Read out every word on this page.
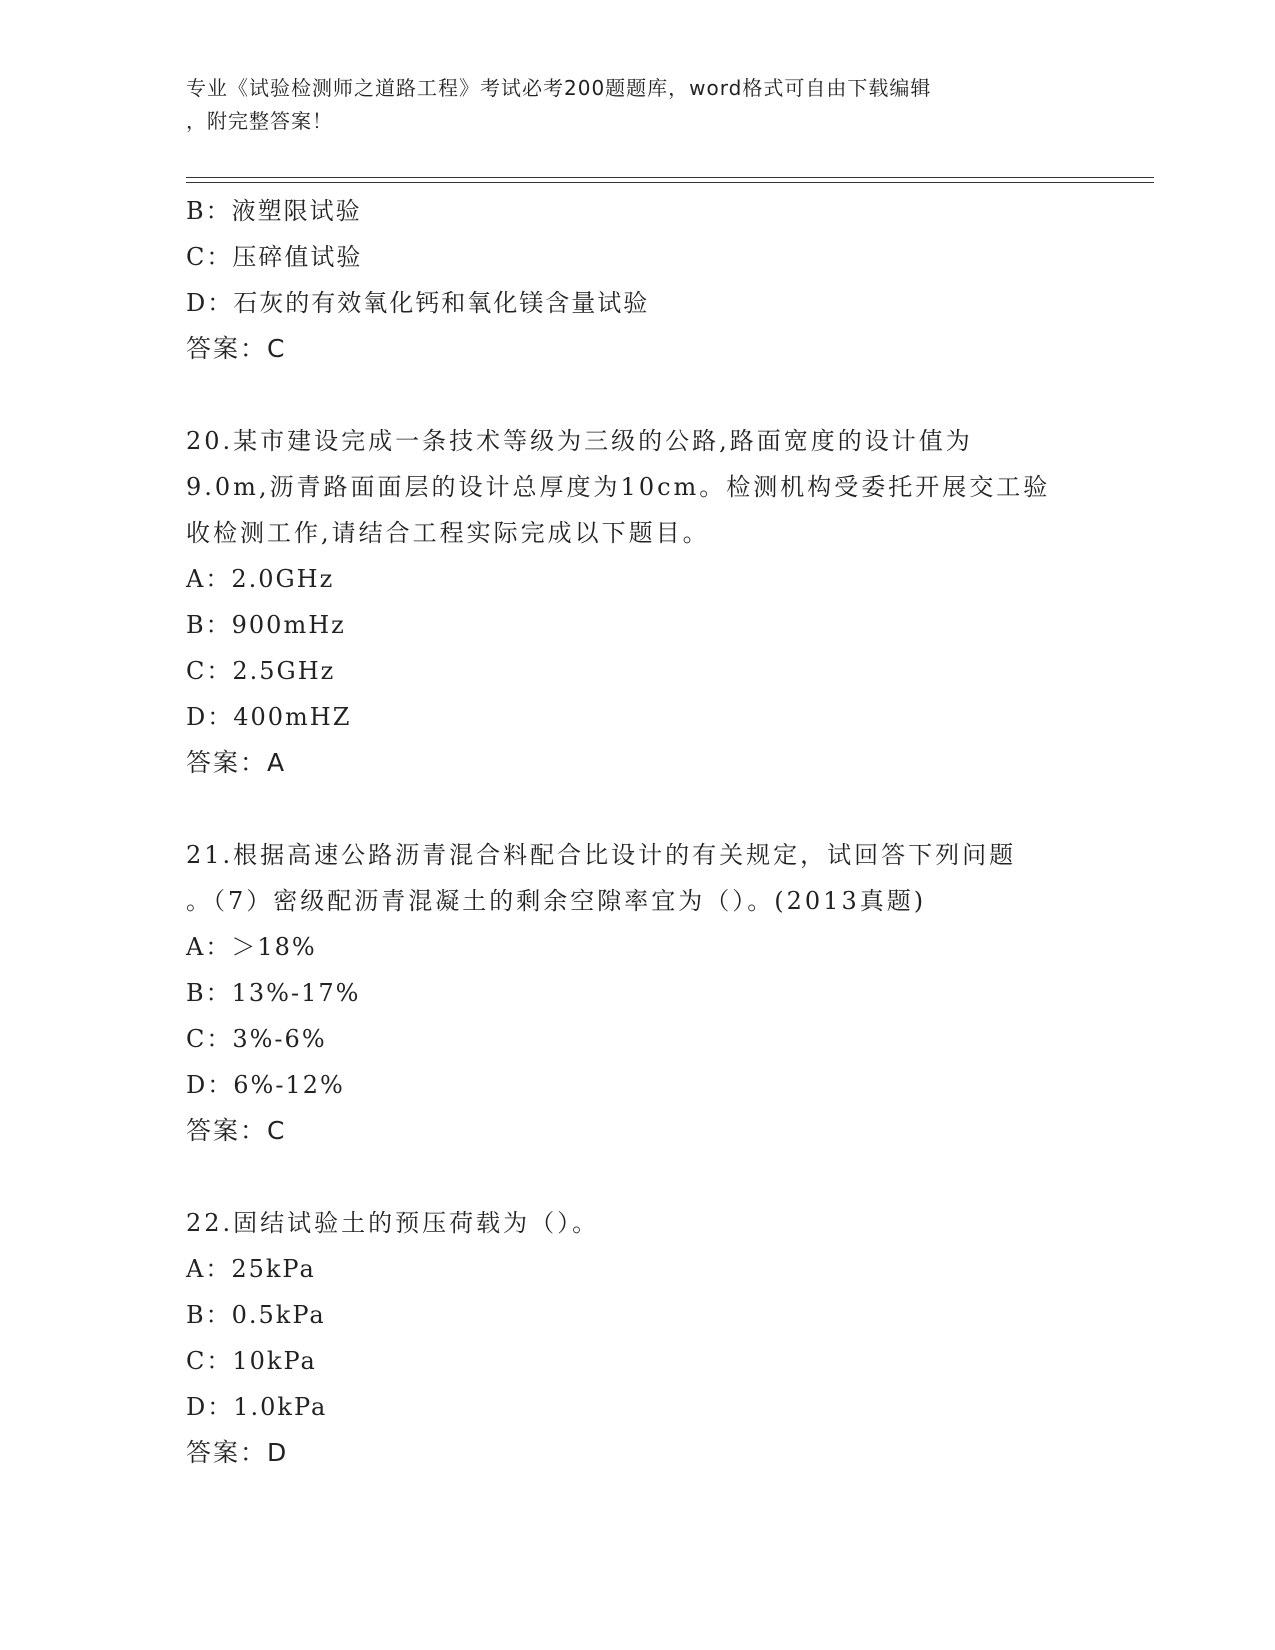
专业《试验检测师之道路工程》考试必考200题题库，word格式可自由下载编辑
，附完整答案！
B：液塑限试验
C：压碎值试验
D：石灰的有效氧化钙和氧化镁含量试验
答案：C
20.某市建设完成一条技术等级为三级的公路,路面宽度的设计值为
9.0m,沥青路面面层的设计总厚度为10cm。检测机构受委托开展交工验
收检测工作,请结合工程实际完成以下题目。
A：2.0GHz
B：900mHz
C：2.5GHz
D：400mHZ
答案：A
21.根据高速公路沥青混合料配合比设计的有关规定，试回答下列问题
。（7）密级配沥青混凝土的剩余空隙率宜为（）。(2013真题)
A：＞18%
B：13%-17%
C：3%-6%
D：6%-12%
答案：C
22.固结试验土的预压荷载为（）。
A：25kPa
B：0.5kPa
C：10kPa
D：1.0kPa
答案：D
